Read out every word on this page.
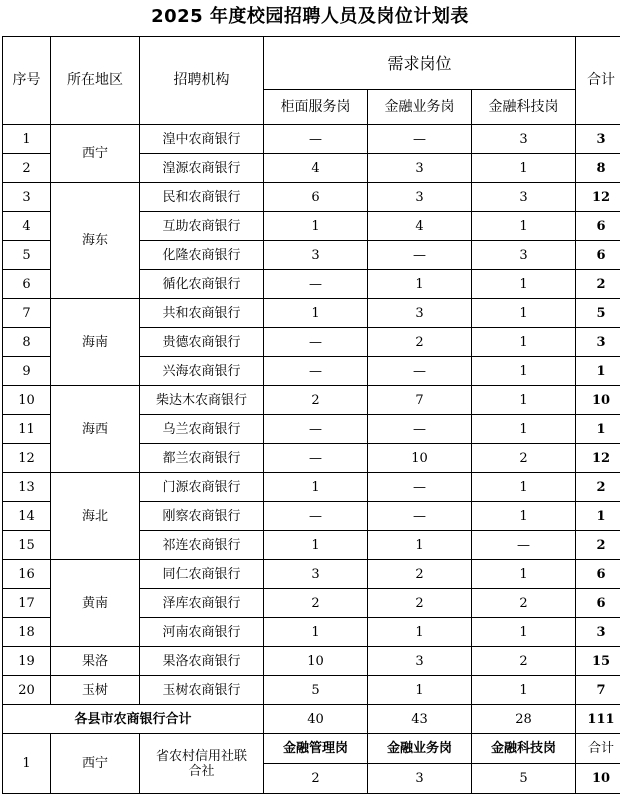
2025 年度校园招聘人员及岗位计划表
序号	所在地区	招聘机构	需求岗位			合计
			柜面服务岗	金融业务岗	金融科技岗	
1	西宁	湟中农商银行	—	—	3	3
2		湟源农商银行	4	3	1	8
3	海东	民和农商银行	6	3	3	12
4		互助农商银行	1	4	1	6
5		化隆农商银行	3	—	3	6
6		循化农商银行	—	1	1	2
7	海南	共和农商银行	1	3	1	5
8		贵德农商银行	—	2	1	3
9		兴海农商银行	—	—	1	1
10	海西	柴达木农商银行	2	7	1	10
11		乌兰农商银行	—	—	1	1
12		都兰农商银行	—	10	2	12
13	海北	门源农商银行	1	—	1	2
14		刚察农商银行	—	—	1	1
15		祁连农商银行	1	1	—	2
16	黄南	同仁农商银行	3	2	1	6
17		泽库农商银行	2	2	2	6
18		河南农商银行	1	1	1	3
19	果洛	果洛农商银行	10	3	2	15
20	玉树	玉树农商银行	5	1	1	7
各县市农商银行合计			40	43	28	111
1	西宁	省农村信用社联合社	金融管理岗	金融业务岗	金融科技岗	合计
			2	3	5	10
